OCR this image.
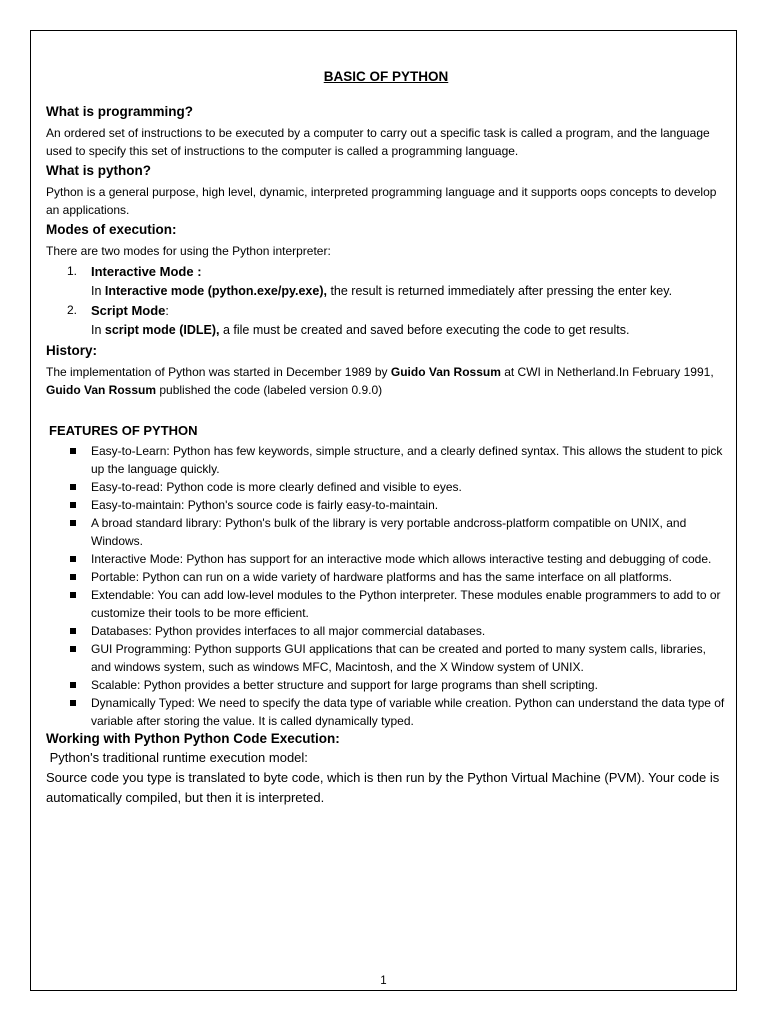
BASIC OF PYTHON
What is programming?

An ordered set of instructions to be executed by a computer to carry out a specific task is called a program, and the language used to specify this set of instructions to the computer is called a programming language.

What is python?

Python is a general purpose, high level, dynamic, interpreted programming language and it supports oops concepts to develop an applications.

Modes of execution:

There are two modes for using the Python interpreter:

1. Interactive Mode :
In Interactive mode (python.exe/py.exe), the result is returned immediately after pressing the enter key.
2. Script Mode:
In script mode (IDLE), a file must be created and saved before executing the code to get results.
History:

The implementation of Python was started in December 1989 by Guido Van Rossum at CWI in Netherland.In February 1991, Guido Van Rossum published the code (labeled version 0.9.0)

FEATURES OF PYTHON
Easy-to-Learn: Python has few keywords, simple structure, and a clearly defined syntax. This allows the student to pick up the language quickly.
Easy-to-read: Python code is more clearly defined and visible to eyes.
Easy-to-maintain: Python's source code is fairly easy-to-maintain.
A broad standard library: Python's bulk of the library is very portable andcross-platform compatible on UNIX, and Windows.
Interactive Mode: Python has support for an interactive mode which allows interactive testing and debugging of code.
Portable: Python can run on a wide variety of hardware platforms and has the same interface on all platforms.
Extendable: You can add low-level modules to the Python interpreter. These modules enable programmers to add to or customize their tools to be more efficient.
Databases: Python provides interfaces to all major commercial databases.
GUI Programming: Python supports GUI applications that can be created and ported to many system calls, libraries, and windows system, such as windows MFC, Macintosh, and the X Window system of UNIX.
Scalable: Python provides a better structure and support for large programs than shell scripting.
Dynamically Typed: We need to specify the data type of variable while creation. Python can understand the data type of variable after storing the value. It is called dynamically typed.
Working with Python Python Code Execution:

Python's traditional runtime execution model:

Source code you type is translated to byte code, which is then run by the Python Virtual Machine (PVM). Your code is automatically compiled, but then it is interpreted.

1
